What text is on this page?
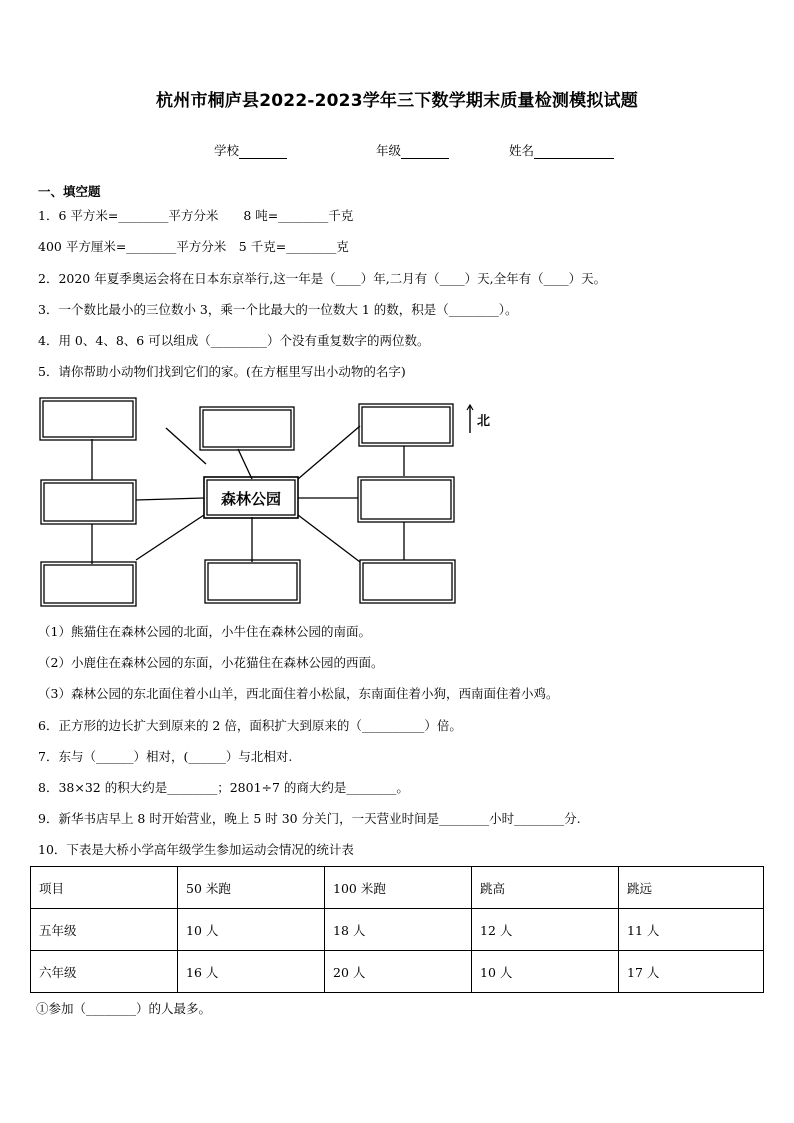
杭州市桐庐县2022-2023学年三下数学期末质量检测模拟试题
学校	年级	姓名
一、填空题
1．6 平方米=________平方分米　　8 吨=________千克
400 平方厘米=________平方分米　5 千克=________克
2．2020 年夏季奥运会将在日本东京举行,这一年是（____）年,二月有（____）天,全年有（____）天。
3．一个数比最小的三位数小 3，乘一个比最大的一位数大 1 的数，积是（________）。
4．用 0、4、8、6 可以组成（_________）个没有重复数字的两位数。
5．请你帮助小动物们找到它们的家。(在方框里写出小动物的名字)
森林公园
北
（1）熊猫住在森林公园的北面，小牛住在森林公园的南面。
（2）小鹿住在森林公园的东面，小花猫住在森林公园的西面。
（3）森林公园的东北面住着小山羊，西北面住着小松鼠，东南面住着小狗，西南面住着小鸡。
6．正方形的边长扩大到原来的 2 倍，面积扩大到原来的（__________）倍。
7．东与（______）相对，(______）与北相对.
8．38×32 的积大约是________；2801÷7 的商大约是________。
9．新华书店早上 8 时开始营业，晚上 5 时 30 分关门，一天营业时间是________小时________分.
10．下表是大桥小学高年级学生参加运动会情况的统计表
项目	50 米跑	100 米跑	跳高	跳远
五年级	10 人	18 人	12 人	11 人
六年级	16 人	20 人	10 人	17 人
①参加（________）的人最多。
